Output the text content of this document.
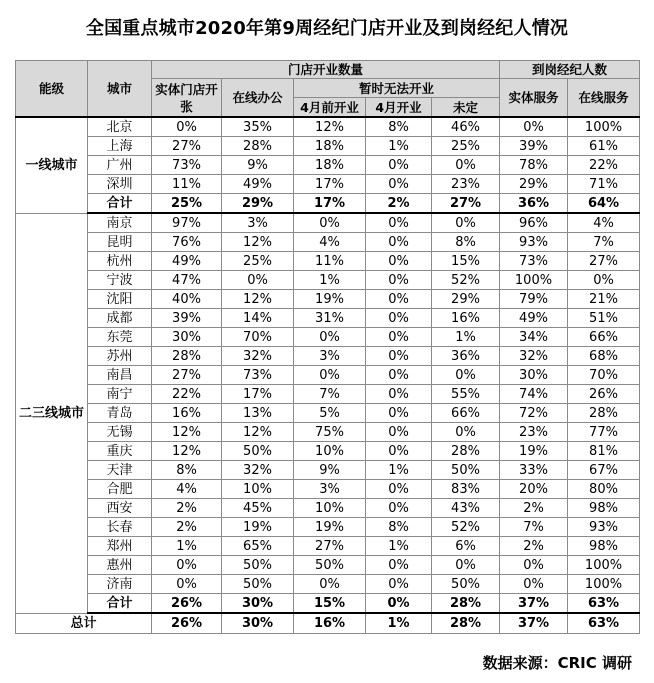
全国重点城市2020年第9周经纪门店开业及到岗经纪人情况
能级	城市	门店开业数量					到岗经纪人数	
		实体门店开张	在线办公	暂时无法开业			实体服务	在线服务
				4月前开业	4月开业	未定		
一线城市	北京	0%	35%	12%	8%	46%	0%	100%
	上海	27%	28%	18%	1%	25%	39%	61%
	广州	73%	9%	18%	0%	0%	78%	22%
	深圳	11%	49%	17%	0%	23%	29%	71%
	合计	25%	29%	17%	2%	27%	36%	64%
二三线城市	南京	97%	3%	0%	0%	0%	96%	4%
	昆明	76%	12%	4%	0%	8%	93%	7%
	杭州	49%	25%	11%	0%	15%	73%	27%
	宁波	47%	0%	1%	0%	52%	100%	0%
	沈阳	40%	12%	19%	0%	29%	79%	21%
	成都	39%	14%	31%	0%	16%	49%	51%
	东莞	30%	70%	0%	0%	1%	34%	66%
	苏州	28%	32%	3%	0%	36%	32%	68%
	南昌	27%	73%	0%	0%	0%	30%	70%
	南宁	22%	17%	7%	0%	55%	74%	26%
	青岛	16%	13%	5%	0%	66%	72%	28%
	无锡	12%	12%	75%	0%	0%	23%	77%
	重庆	12%	50%	10%	0%	28%	19%	81%
	天津	8%	32%	9%	1%	50%	33%	67%
	合肥	4%	10%	3%	0%	83%	20%	80%
	西安	2%	45%	10%	0%	43%	2%	98%
	长春	2%	19%	19%	8%	52%	7%	93%
	郑州	1%	65%	27%	1%	6%	2%	98%
	惠州	0%	50%	50%	0%	0%	0%	100%
	济南	0%	50%	0%	0%	50%	0%	100%
	合计	26%	30%	15%	0%	28%	37%	63%
总计		26%	30%	16%	1%	28%	37%	63%
数据来源：CRIC 调研
